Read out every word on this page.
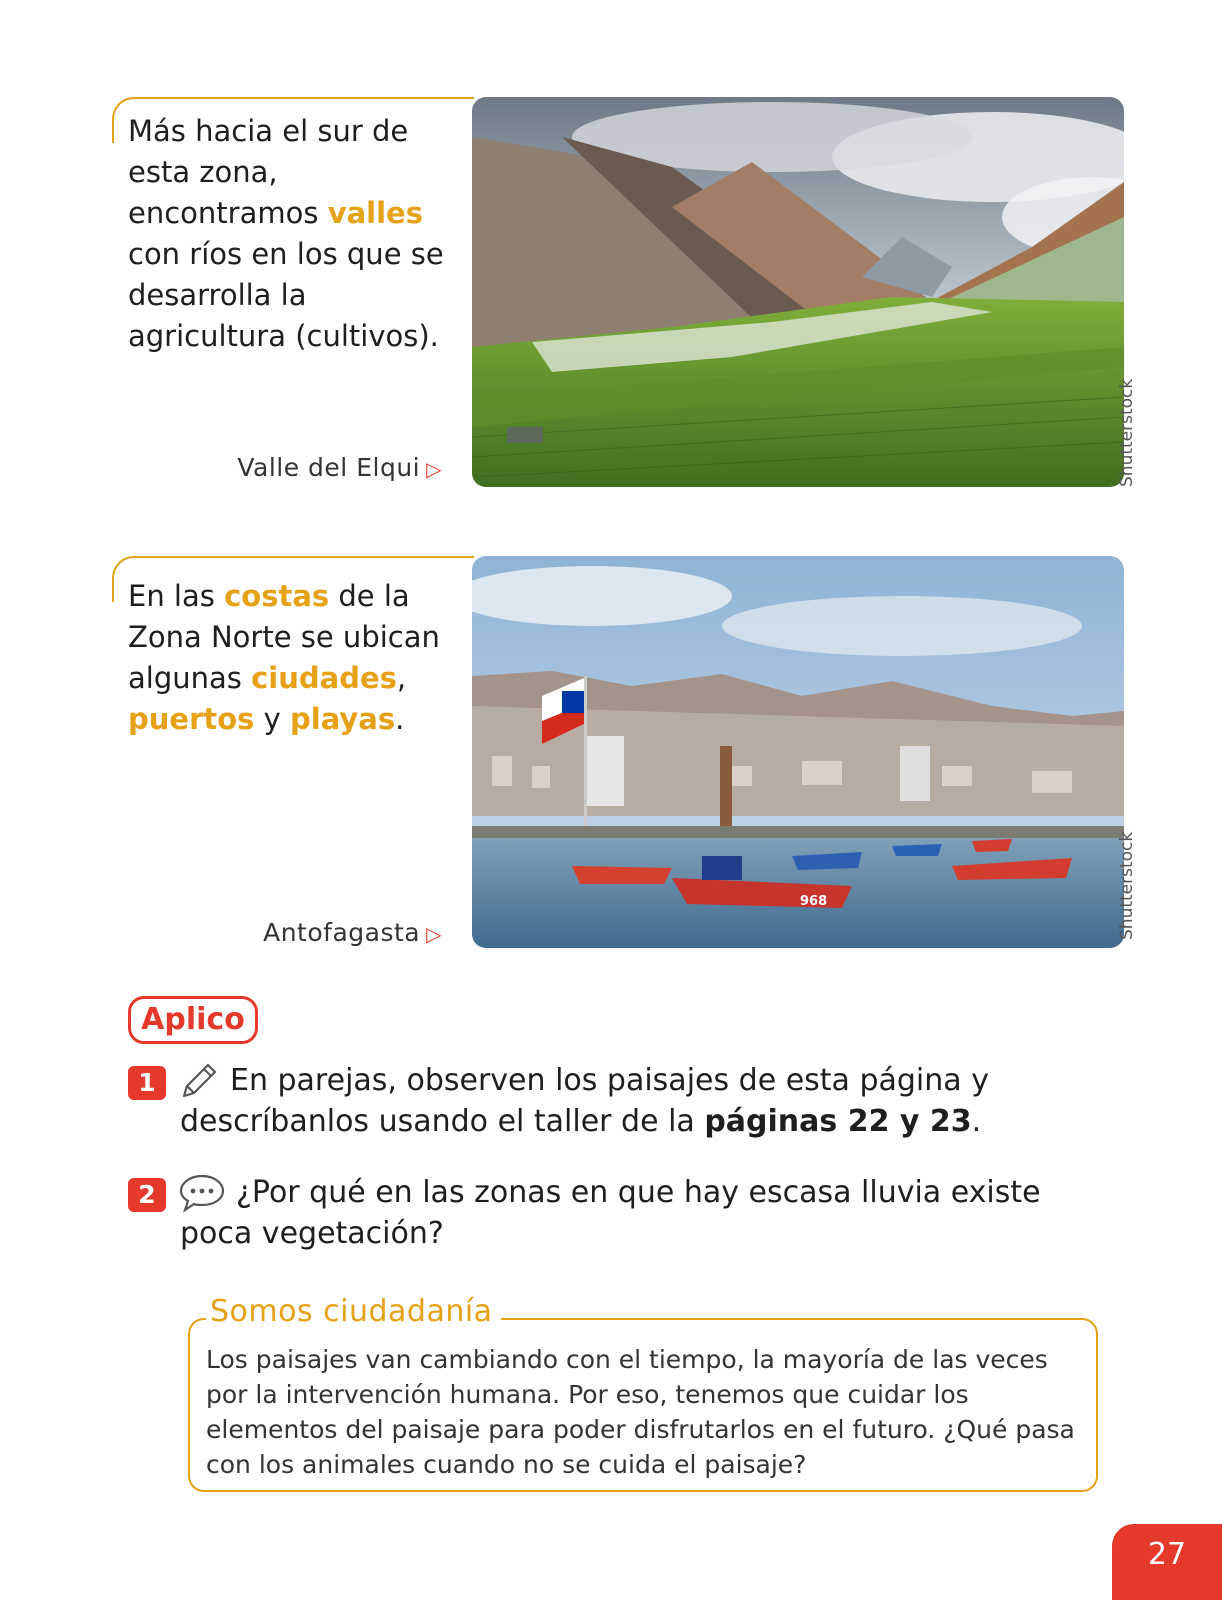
Más hacia el sur de esta zona, encontramos valles con ríos en los que se desarrolla la agricultura (cultivos).
Valle del Elqui ▷	Shutterstock
En las costas de la Zona Norte se ubican algunas ciudades, puertos y playas.
Antofagasta ▷
968	Shutterstock
Aplico
1	En parejas, observen los paisajes de esta página y
descríbanlos usando el taller de la páginas 22 y 23.
2	¿Por qué en las zonas en que hay escasa lluvia existe
poca vegetación?
Somos ciudadanía
Los paisajes van cambiando con el tiempo, la mayoría de las veces por la intervención humana. Por eso, tenemos que cuidar los elementos del paisaje para poder disfrutarlos en el futuro. ¿Qué pasa con los animales cuando no se cuida el paisaje?
27
